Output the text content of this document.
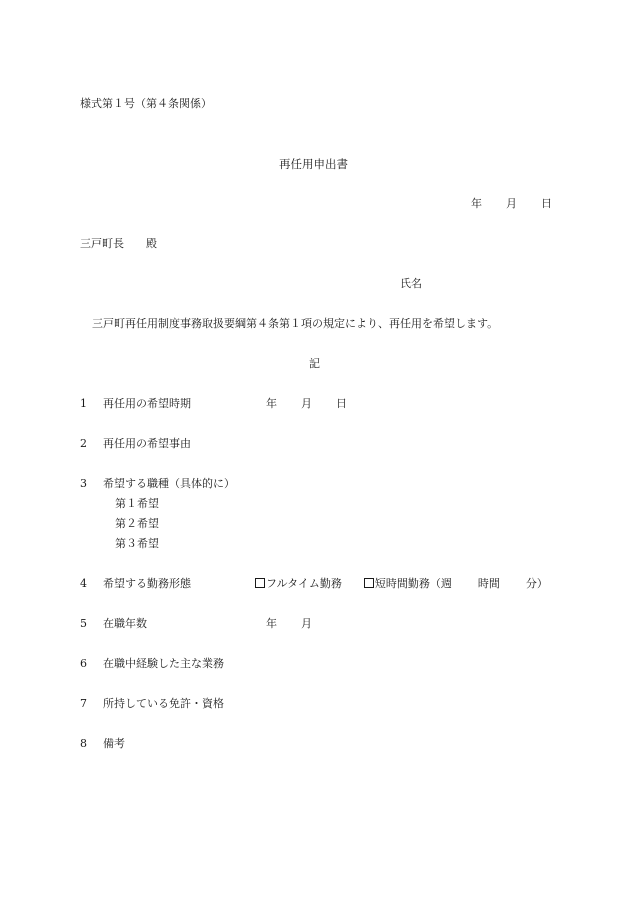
様式第１号（第４条関係）
再任用申出書
年 月 日
三戸町長 殿
氏名
三戸町再任用制度事務取扱要綱第４条第１項の規定により、再任用を希望します。
記
1 再任用の希望時期	年 月 日
2 再任用の希望事由
3 希望する職種（具体的に）
第１希望
第２希望
第３希望
4 希望する勤務形態	フルタイム勤務	短時間勤務（週 時間 分）
5 在職年数	年 月
6 在職中経験した主な業務
7 所持している免許・資格
8 備考
